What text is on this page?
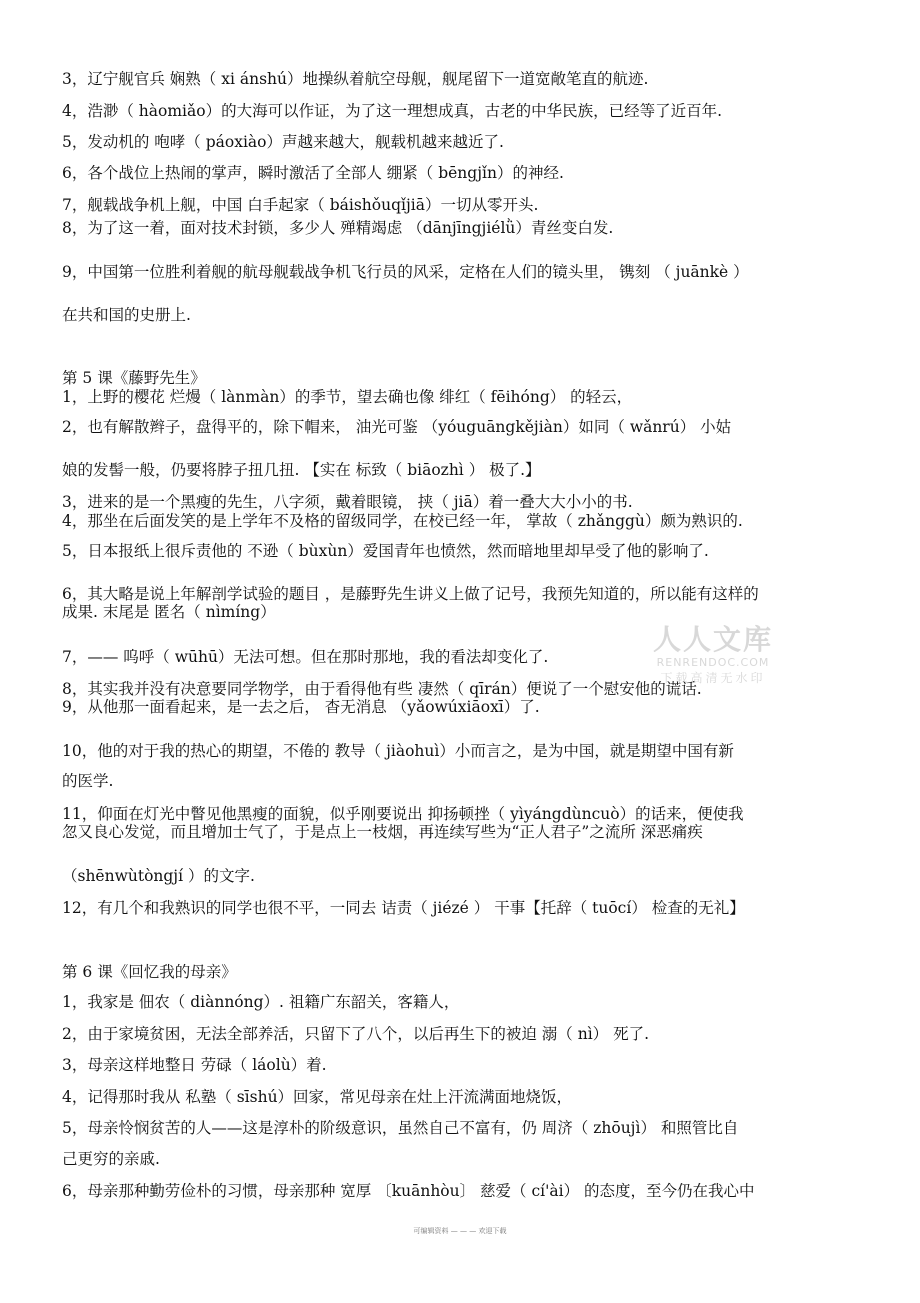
3，辽宁舰官兵 娴熟（ xi ánshú）地操纵着航空母舰，舰尾留下一道宽敞笔直的航迹.
4，浩渺（ hàomiǎo）的大海可以作证，为了这一理想成真，古老的中华民族，已经等了近百年.
5，发动机的 咆哮（ páoxiào）声越来越大，舰载机越来越近了.
6，各个战位上热闹的掌声，瞬时激活了全部人 绷紧（ bēngjǐn）的神经.
7，舰载战争机上舰，中国 白手起家（ báishǒuqǐjiā）一切从零开头.
8，为了这一着，面对技术封锁，多少人 殚精竭虑 （dānjīngjiélǜ）青丝变白发.
9，中国第一位胜利着舰的航母舰载战争机飞行员的风采，定格在人们的镜头里， 镌刻 （ juānkè ）
在共和国的史册上.
第 5 课《藤野先生》
1，上野的樱花 烂熳（ lànmàn）的季节，望去确也像 绯红（ fēihóng） 的轻云，
2，也有解散辫子，盘得平的，除下帽来， 油光可鉴 （yóuguāngkějiàn）如同（ wǎnrú） 小姑
娘的发髻一般，仍要将脖子扭几扭. 【实在 标致（ biāozhì ） 极了.】
3，进来的是一个黑瘦的先生，八字须，戴着眼镜， 挟（ jiā）着一叠大大小小的书.
4，那坐在后面发笑的是上学年不及格的留级同学，在校已经一年， 掌故（ zhǎnggù）颇为熟识的.
5，日本报纸上很斥责他的 不逊（ bùxùn）爱国青年也愤然，然而暗地里却早受了他的影响了.
6，其大略是说上年解剖学试验的题目 ，是藤野先生讲义上做了记号，我预先知道的，所以能有这样的
成果. 末尾是 匿名（ nìmíng）
7，—— 呜呼（ wūhū）无法可想。但在那时那地，我的看法却变化了.
8，其实我并没有决意要同学物学，由于看得他有些 凄然（ qīrán）便说了一个慰安他的谎话.
9，从他那一面看起来，是一去之后， 杳无消息 （yǎowúxiāoxī）了.
10，他的对于我的热心的期望，不倦的 教导（ jiàohuì）小而言之，是为中国，就是期望中国有新
的医学.
11，仰面在灯光中瞥见他黑瘦的面貌，似乎刚要说出 抑扬顿挫（ yìyángdùncuò）的话来，便使我
忽又良心发觉，而且增加士气了，于是点上一枝烟，再连续写些为“正人君子”之流所 深恶痛疾
（shēnwùtòngjí ）的文字.
12，有几个和我熟识的同学也很不平，一同去 诘责（ jiézé ） 干事【托辞（ tuōcí） 检查的无礼】
第 6 课《回忆我的母亲》
1，我家是 佃农（ diànnóng）. 祖籍广东韶关，客籍人，
2，由于家境贫困，无法全部养活，只留下了八个，以后再生下的被迫 溺（ nì） 死了.
3，母亲这样地整日 劳碌（ láolù）着.
4，记得那时我从 私塾（ sīshú）回家，常见母亲在灶上汗流满面地烧饭，
5，母亲怜悯贫苦的人——这是淳朴的阶级意识，虽然自己不富有，仍 周济（ zhōujì） 和照管比自
己更穷的亲戚.
6，母亲那种勤劳俭朴的习惯，母亲那种 宽厚 〔kuānhòu〕 慈爱（ cí'ài） 的态度，至今仍在我心中
人人文库
RENRENDOC.COM
下载高清无水印
可编辑资料 — — — 欢迎下载
